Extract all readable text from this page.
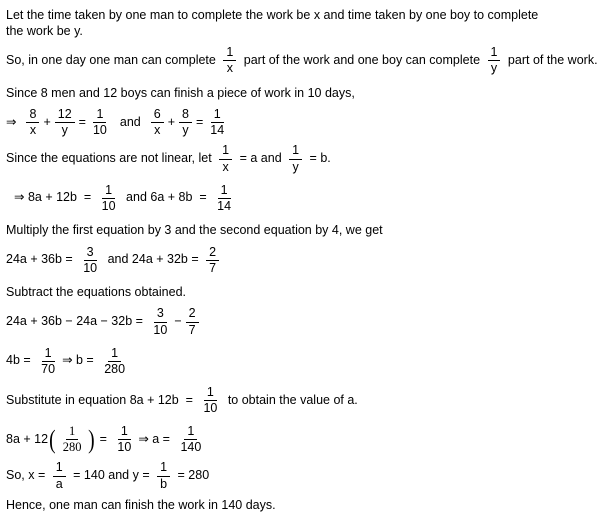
Let the time taken by one man to complete the work be x and time taken by one boy to complete
the work be y.
So, in one day one man can complete $\frac{1}{x}$ part of the work and one boy can complete $\frac{1}{y}$ part of the work.
Since 8 men and 12 boys can finish a piece of work in 10 days,
⇒ $\frac{8}{x} + \frac{12}{y} = \frac{1}{10}$ and $\frac{6}{x} + \frac{8}{y} = \frac{1}{14}$
Since the equations are not linear, let $\frac{1}{x} = a$ and $\frac{1}{y} = b$.
⇒ $8a + 12b = \frac{1}{10}$ and $6a + 8b = \frac{1}{14}$
Multiply the first equation by 3 and the second equation by 4, we get
$24a + 36b = \frac{3}{10}$ and $24a + 32b = \frac{2}{7}$
Subtract the equations obtained.
$24a + 36b - 24a - 32b = \frac{3}{10} - \frac{2}{7}$
$4b = \frac{1}{70}$ ⇒ $b = \frac{1}{280}$
Substitute in equation $8a + 12b = \frac{1}{10}$ to obtain the value of a.
8a + 12 ( $\frac{1}{280}$ ) = $\frac{1}{10}$ ⇒ $a = \frac{1}{140}$
So, $x = \frac{1}{a} = 140$ and $y = \frac{1}{b} = 280$
Hence, one man can finish the work in 140 days.
